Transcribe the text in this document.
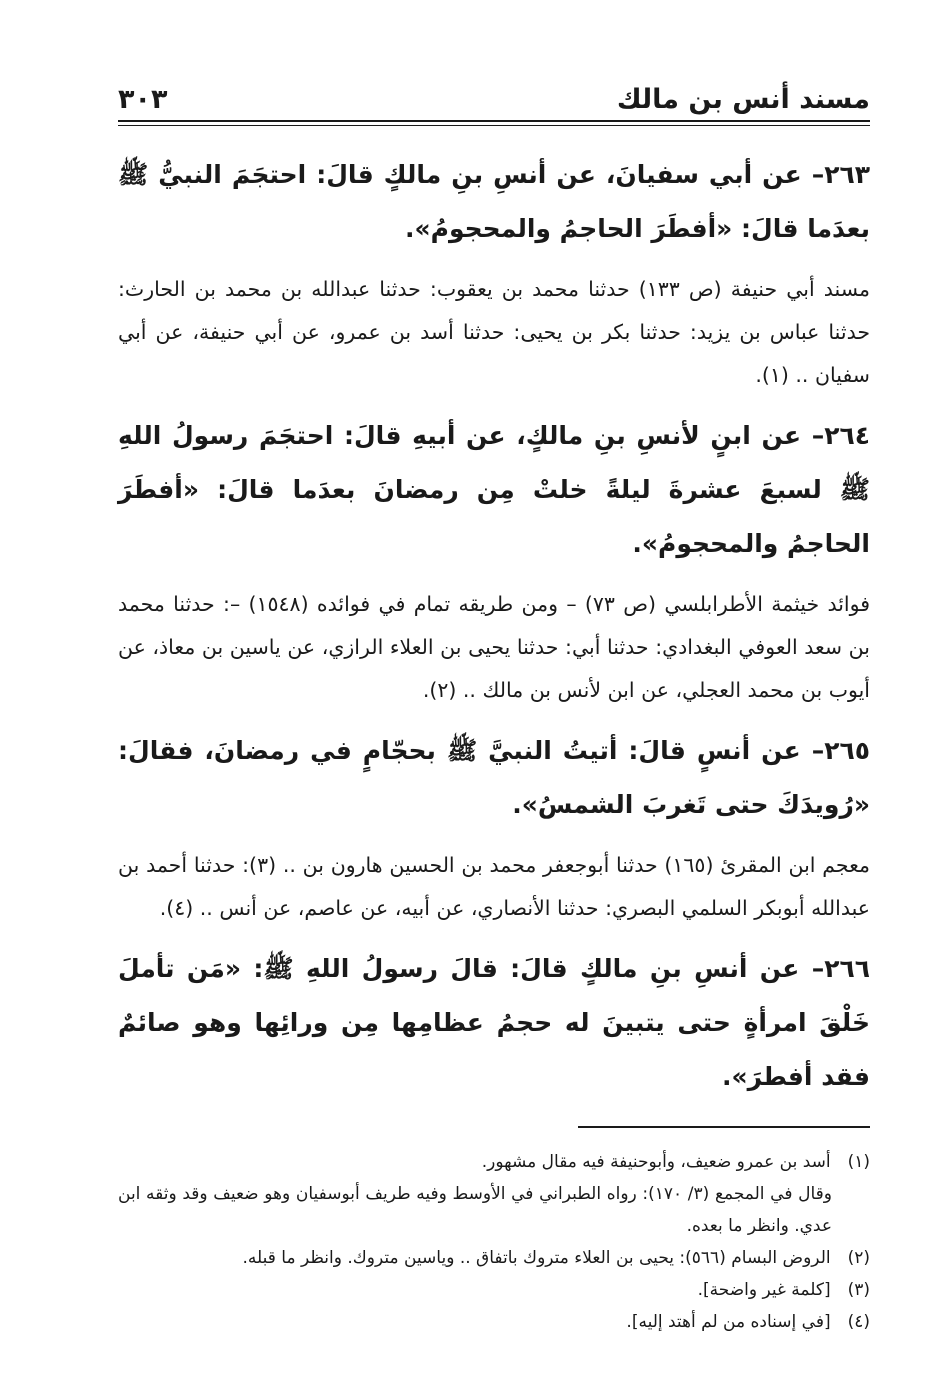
مسند أنس بن مالك
٣٠٣

٢٦٣– عن أبي سفيانَ، عن أنسِ بنِ مالكٍ قالَ: احتجَمَ النبيُّ ﷺ بعدَما قالَ: «أفطَرَ الحاجمُ والمحجومُ».

مسند أبي حنيفة (ص ١٣٣) حدثنا محمد بن يعقوب: حدثنا عبدالله بن محمد بن الحارث: حدثنا عباس بن يزيد: حدثنا بكر بن يحيى: حدثنا أسد بن عمرو، عن أبي حنيفة، عن أبي سفيان .. (١).

٢٦٤– عن ابنٍ لأنسِ بنِ مالكٍ، عن أبيهِ قالَ: احتجَمَ رسولُ اللهِ ﷺ لسبعَ عشرةَ ليلةً خلتْ مِن رمضانَ بعدَما قالَ: «أفطَرَ الحاجمُ والمحجومُ».

فوائد خيثمة الأطرابلسي (ص ٧٣) – ومن طريقه تمام في فوائده (١٥٤٨) –: حدثنا محمد بن سعد العوفي البغدادي: حدثنا أبي: حدثنا يحيى بن العلاء الرازي، عن ياسين بن معاذ، عن أيوب بن محمد العجلي، عن ابن لأنس بن مالك .. (٢).

٢٦٥– عن أنسٍ قالَ: أتيتُ النبيَّ ﷺ بحجّامٍ في رمضانَ، فقالَ: «رُويدَكَ حتى تَغربَ الشمسُ».

معجم ابن المقرئ (١٦٥) حدثنا أبوجعفر محمد بن الحسين هارون بن .. (٣): حدثنا أحمد بن عبدالله أبوبكر السلمي البصري: حدثنا الأنصاري، عن أبيه، عن عاصم، عن أنس .. (٤).

٢٦٦– عن أنسِ بنِ مالكٍ قالَ: قالَ رسولُ اللهِ ﷺ: «مَن تأملَ خَلْقَ امرأةٍ حتى يتبينَ له حجمُ عظامِها مِن ورائِها وهو صائمٌ فقد أفطرَ».

(١) أسد بن عمرو ضعيف، وأبوحنيفة فيه مقال مشهور.

وقال في المجمع (٣/ ١٧٠): رواه الطبراني في الأوسط وفيه طريف أبوسفيان وهو ضعيف وقد وثقه ابن عدي. وانظر ما بعده.

(٢) الروض البسام (٥٦٦): يحيى بن العلاء متروك باتفاق .. وياسين متروك. وانظر ما قبله.

(٣) [كلمة غير واضحة].

(٤) [في إسناده من لم أهتد إليه].
